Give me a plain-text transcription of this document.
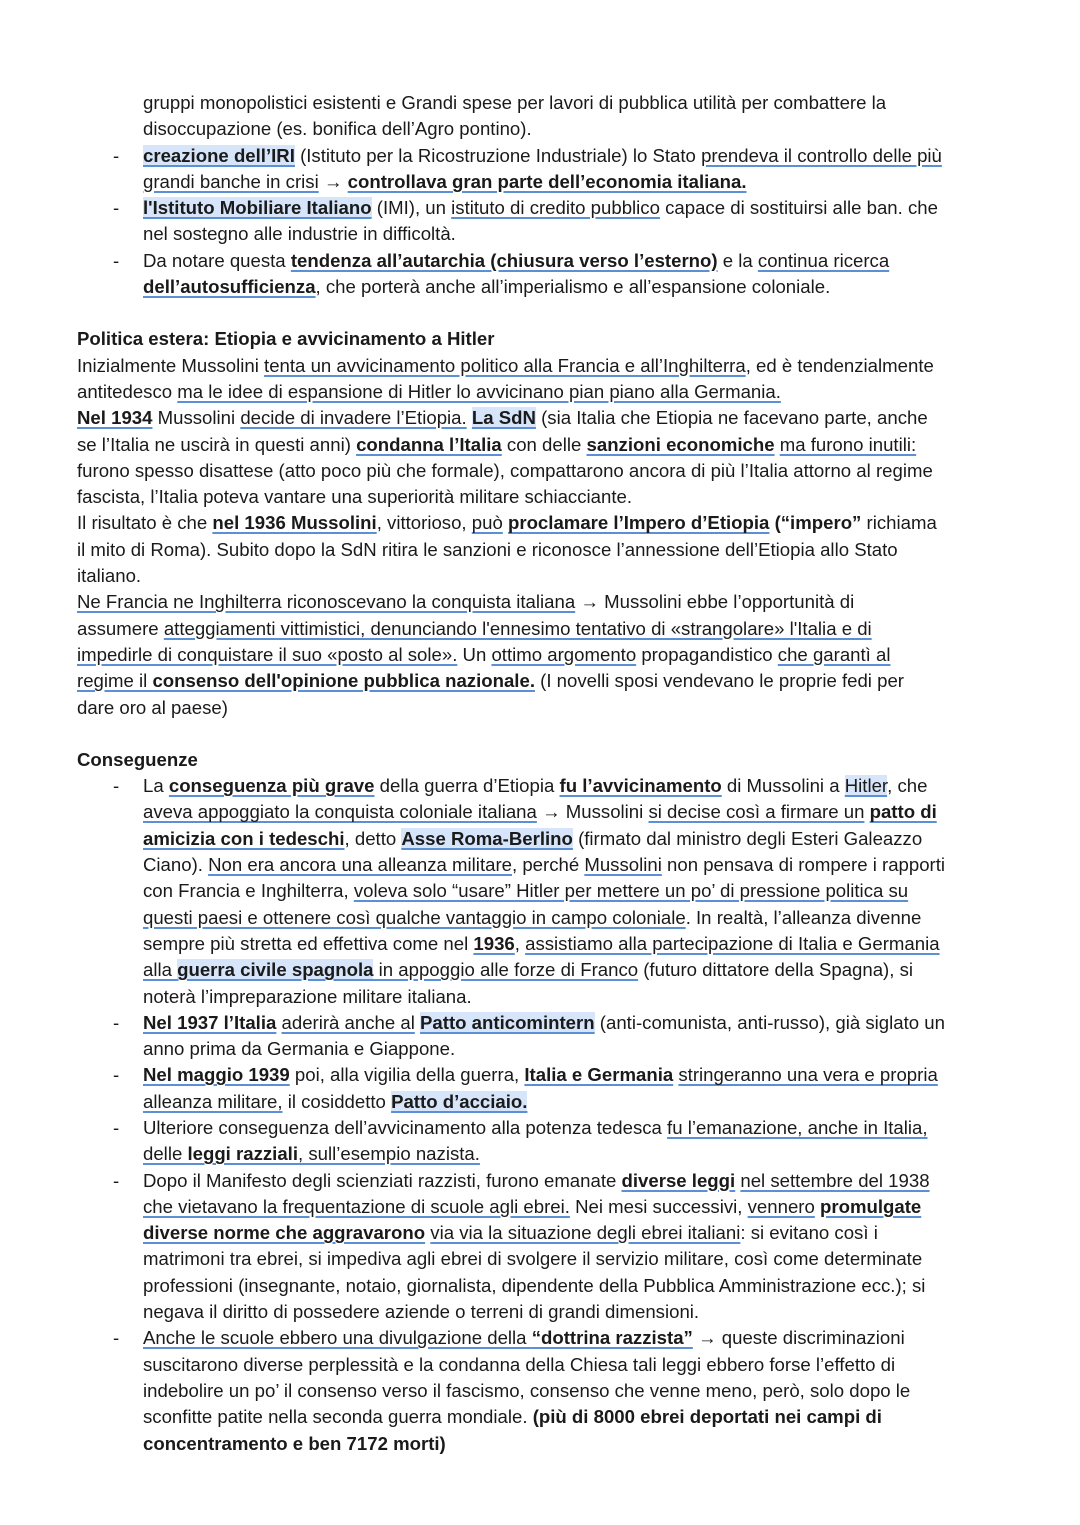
gruppi monopolistici esistenti e Grandi spese per lavori di pubblica utilità per combattere la
disoccupazione (es. bonifica dell’Agro pontino).
- creazione dell’IRI (Istituto per la Ricostruzione Industriale) lo Stato prendeva il controllo delle più
grandi banche in crisi → controllava gran parte dell’economia italiana.
- l'Istituto Mobiliare Italiano (IMI), un istituto di credito pubblico capace di sostituirsi alle ban. che
nel sostegno alle industrie in difficoltà.
- Da notare questa tendenza all’autarchia (chiusura verso l’esterno) e la continua ricerca
dell’autosufficienza, che porterà anche all’imperialismo e all’espansione coloniale.
Politica estera: Etiopia e avvicinamento a Hitler
Inizialmente Mussolini tenta un avvicinamento politico alla Francia e all’Inghilterra, ed è tendenzialmente
antitedesco ma le idee di espansione di Hitler lo avvicinano pian piano alla Germania.
Nel 1934 Mussolini decide di invadere l’Etiopia. La SdN (sia Italia che Etiopia ne facevano parte, anche
se l’Italia ne uscirà in questi anni) condanna l’Italia con delle sanzioni economiche ma furono inutili:
furono spesso disattese (atto poco più che formale), compattarono ancora di più l’Italia attorno al regime
fascista, l’Italia poteva vantare una superiorità militare schiacciante.
Il risultato è che nel 1936 Mussolini, vittorioso, può proclamare l’Impero d’Etiopia (“impero” richiama
il mito di Roma). Subito dopo la SdN ritira le sanzioni e riconosce l’annessione dell’Etiopia allo Stato
italiano.
Ne Francia ne Inghilterra riconoscevano la conquista italiana → Mussolini ebbe l’opportunità di
assumere atteggiamenti vittimistici, denunciando l'ennesimo tentativo di «strangolare» l'Italia e di
impedirle di conquistare il suo «posto al sole». Un ottimo argomento propagandistico che garantì al
regime il consenso dell'opinione pubblica nazionale. (I novelli sposi vendevano le proprie fedi per
dare oro al paese)
Conseguenze
- La conseguenza più grave della guerra d’Etiopia fu l’avvicinamento di Mussolini a Hitler, che
aveva appoggiato la conquista coloniale italiana → Mussolini si decise così a firmare un patto di
amicizia con i tedeschi, detto Asse Roma-Berlino (firmato dal ministro degli Esteri Galeazzo
Ciano). Non era ancora una alleanza militare, perché Mussolini non pensava di rompere i rapporti
con Francia e Inghilterra, voleva solo “usare” Hitler per mettere un po’ di pressione politica su
questi paesi e ottenere così qualche vantaggio in campo coloniale. In realtà, l’alleanza divenne
sempre più stretta ed effettiva come nel 1936, assistiamo alla partecipazione di Italia e Germania
alla guerra civile spagnola in appoggio alle forze di Franco (futuro dittatore della Spagna), si
noterà l’impreparazione militare italiana.
- Nel 1937 l’Italia aderirà anche al Patto anticomintern (anti-comunista, anti-russo), già siglato un
anno prima da Germania e Giappone.
- Nel maggio 1939 poi, alla vigilia della guerra, Italia e Germania stringeranno una vera e propria
alleanza militare, il cosiddetto Patto d’acciaio.
- Ulteriore conseguenza dell’avvicinamento alla potenza tedesca fu l’emanazione, anche in Italia,
delle leggi razziali, sull’esempio nazista.
- Dopo il Manifesto degli scienziati razzisti, furono emanate diverse leggi nel settembre del 1938
che vietavano la frequentazione di scuole agli ebrei. Nei mesi successivi, vennero promulgate
diverse norme che aggravarono via via la situazione degli ebrei italiani: si evitano così i
matrimoni tra ebrei, si impediva agli ebrei di svolgere il servizio militare, così come determinate
professioni (insegnante, notaio, giornalista, dipendente della Pubblica Amministrazione ecc.); si
negava il diritto di possedere aziende o terreni di grandi dimensioni.
- Anche le scuole ebbero una divulgazione della “dottrina razzista” → queste discriminazioni
suscitarono diverse perplessità e la condanna della Chiesa tali leggi ebbero forse l’effetto di
indebolire un po’ il consenso verso il fascismo, consenso che venne meno, però, solo dopo le
sconfitte patite nella seconda guerra mondiale. (più di 8000 ebrei deportati nei campi di
concentramento e ben 7172 morti)
